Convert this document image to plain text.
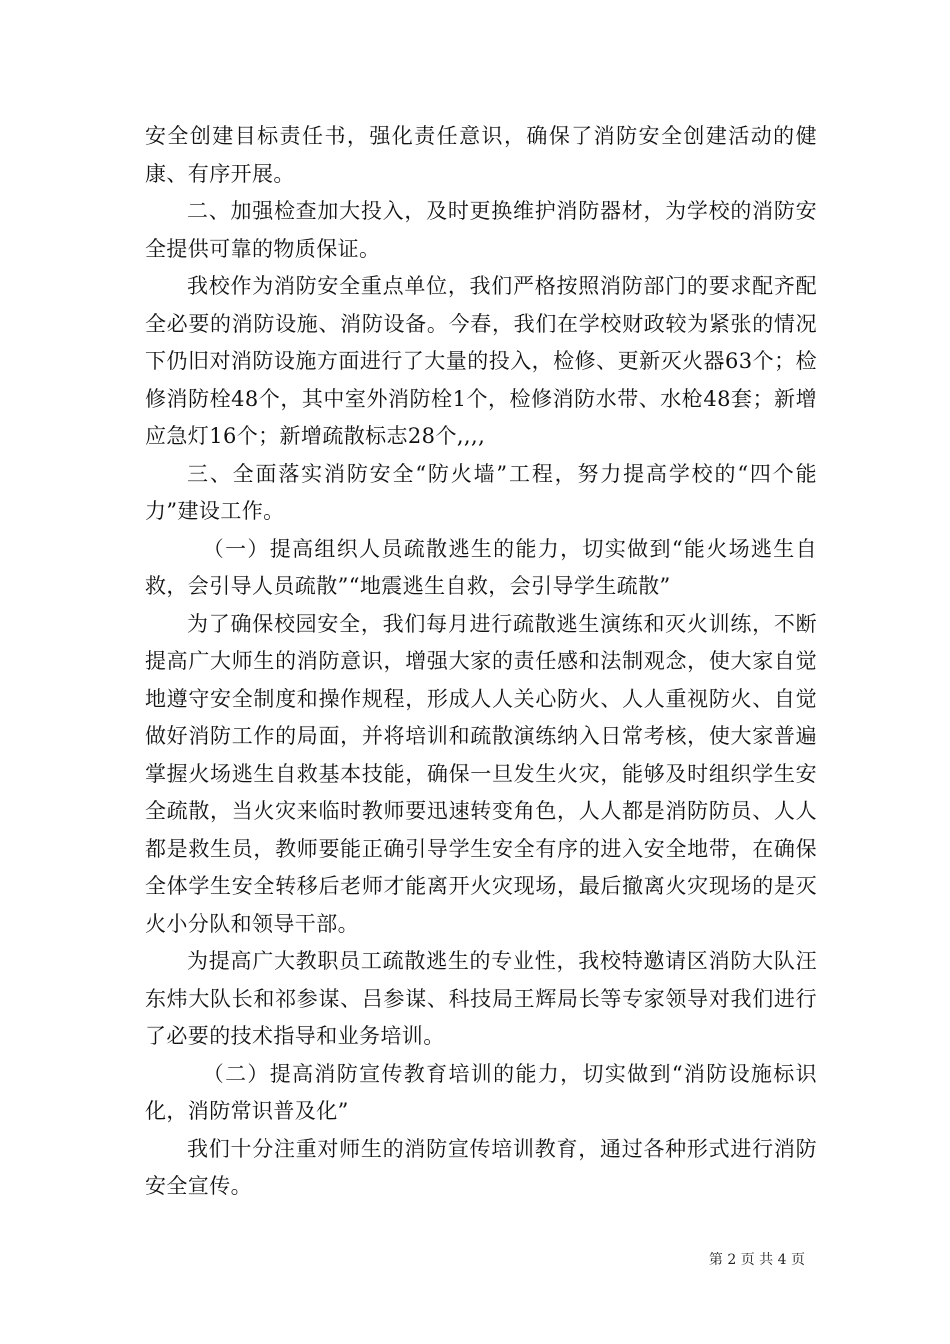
安全创建目标责任书，强化责任意识，确保了消防安全创建活动的健康、有序开展。

二、加强检查加大投入，及时更换维护消防器材，为学校的消防安全提供可靠的物质保证。

我校作为消防安全重点单位，我们严格按照消防部门的要求配齐配全必要的消防设施、消防设备。今春，我们在学校财政较为紧张的情况下仍旧对消防设施方面进行了大量的投入，检修、更新灭火器63个；检修消防栓48个，其中室外消防栓1个，检修消防水带、水枪48套；新增应急灯16个；新增疏散标志28个,,,,

三、全面落实消防安全“防火墙”工程，努力提高学校的“四个能力”建设工作。

（一）提高组织人员疏散逃生的能力，切实做到“能火场逃生自救，会引导人员疏散”“地震逃生自救，会引导学生疏散”

为了确保校园安全，我们每月进行疏散逃生演练和灭火训练，不断提高广大师生的消防意识，增强大家的责任感和法制观念，使大家自觉地遵守安全制度和操作规程，形成人人关心防火、人人重视防火、自觉做好消防工作的局面，并将培训和疏散演练纳入日常考核，使大家普遍掌握火场逃生自救基本技能，确保一旦发生火灾，能够及时组织学生安全疏散，当火灾来临时教师要迅速转变角色，人人都是消防防员、人人都是救生员，教师要能正确引导学生安全有序的进入安全地带，在确保全体学生安全转移后老师才能离开火灾现场，最后撤离火灾现场的是灭火小分队和领导干部。

为提高广大教职员工疏散逃生的专业性，我校特邀请区消防大队汪东炜大队长和祁参谋、吕参谋、科技局王辉局长等专家领导对我们进行了必要的技术指导和业务培训。

（二）提高消防宣传教育培训的能力，切实做到“消防设施标识化，消防常识普及化”

我们十分注重对师生的消防宣传培训教育，通过各种形式进行消防安全宣传。

第 2 页 共 4 页
